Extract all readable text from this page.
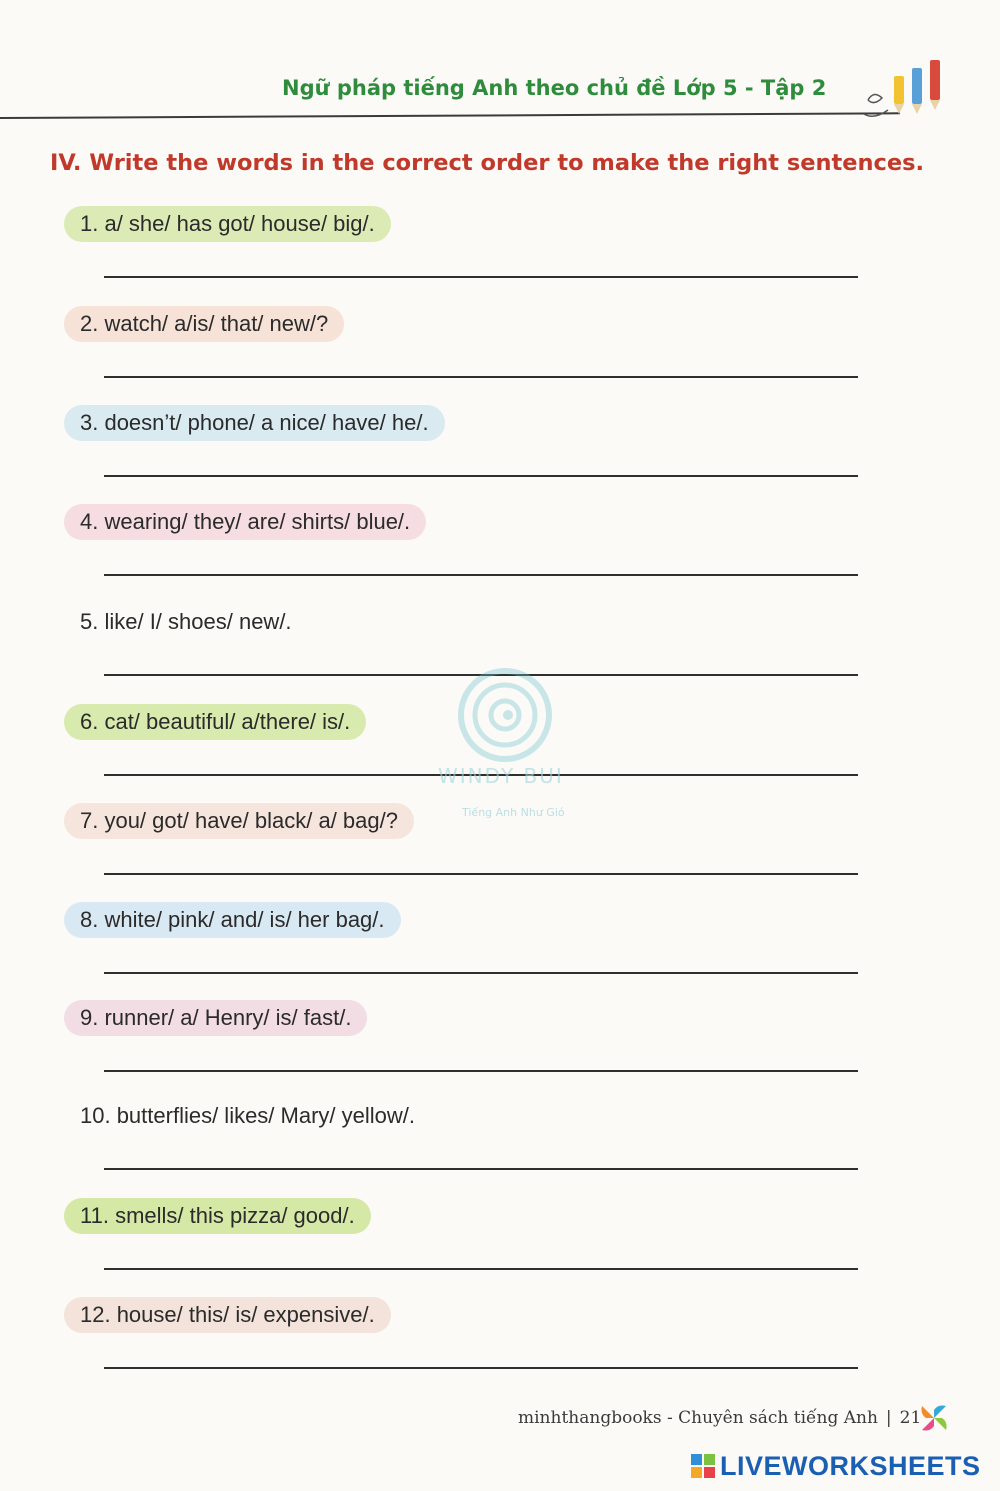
Ngữ pháp tiếng Anh theo chủ đề Lớp 5 - Tập 2
IV. Write the words in the correct order to make the right sentences.
1. a/ she/ has got/ house/ big/.
2. watch/ a/is/ that/ new/?
3. doesn’t/ phone/ a nice/ have/ he/.
4. wearing/ they/ are/ shirts/ blue/.
5. like/ I/ shoes/ new/.
6. cat/ beautiful/ a/there/ is/.
7. you/ got/ have/ black/ a/ bag/?
8. white/ pink/ and/ is/ her bag/.
9. runner/ a/ Henry/ is/ fast/.
10. butterflies/ likes/ Mary/ yellow/.
11. smells/ this pizza/ good/.
12. house/ this/ is/ expensive/.
WINDY BUI
Tiếng Anh Như Gió
minhthangbooks - Chuyên sách tiếng Anh | 21
LIVEWORKSHEETS
